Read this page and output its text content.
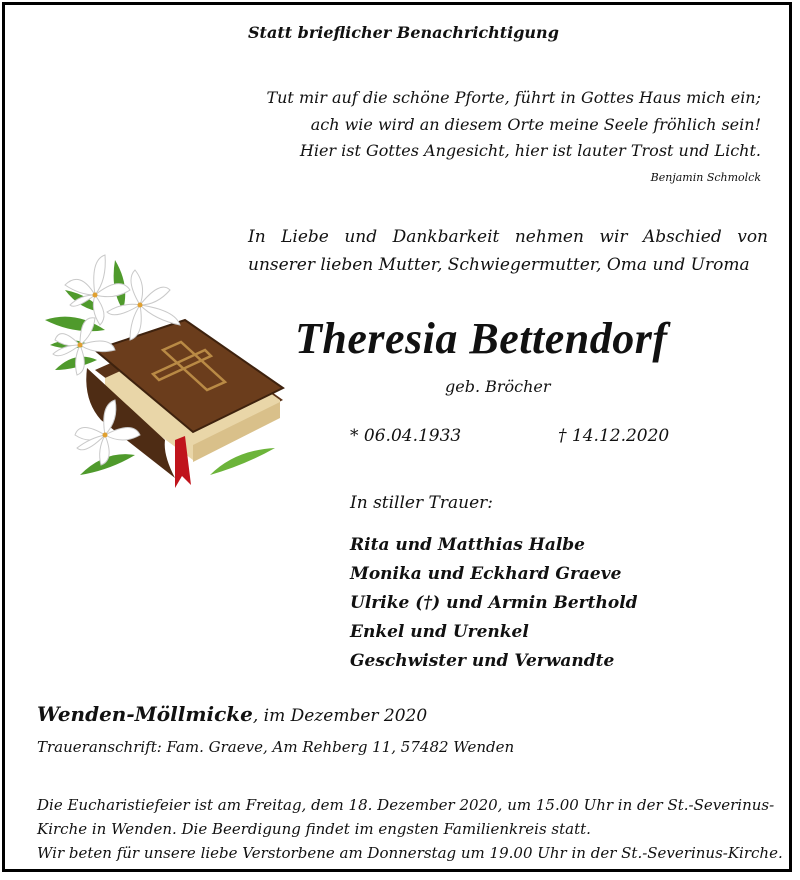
Statt brieflicher Benachrichtigung
Tut mir auf die schöne Pforte, führt in Gottes Haus mich ein;
ach wie wird an diesem Orte meine Seele fröhlich sein!
Hier ist Gottes Angesicht, hier ist lauter Trost und Licht.
Benjamin Schmolck
In Liebe und Dankbarkeit nehmen wir Abschied von unserer lieben Mutter, Schwiegermutter, Oma und Uroma
Theresia Bettendorf
geb. Bröcher
* 06.04.1933	† 14.12.2020
In stiller Trauer:
Rita und Matthias Halbe
Monika und Eckhard Graeve
Ulrike (†) und Armin Berthold
Enkel und Urenkel
Geschwister und Verwandte
Wenden-Möllmicke, im Dezember 2020
Traueranschrift: Fam. Graeve, Am Rehberg 11, 57482 Wenden
Die Eucharistiefeier ist am Freitag, dem 18. Dezember 2020, um 15.00 Uhr in der St.-Severinus-
Kirche in Wenden. Die Beerdigung findet im engsten Familienkreis statt.
Wir beten für unsere liebe Verstorbene am Donnerstag um 19.00 Uhr in der St.-Severinus-Kirche.
